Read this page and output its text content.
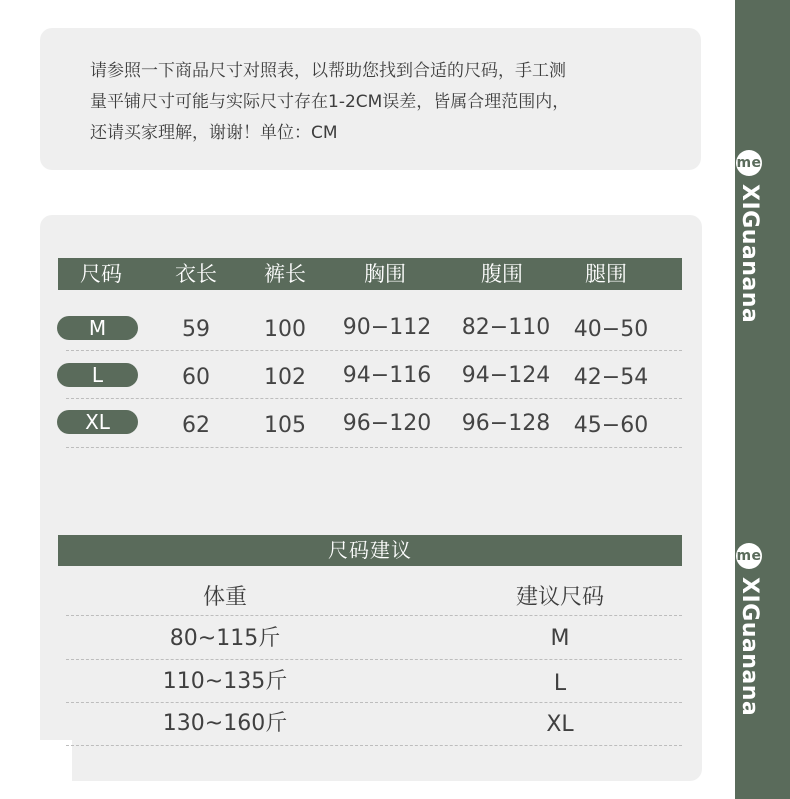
请参照一下商品尺寸对照表，以帮助您找到合适的尺码，手工测
量平铺尺寸可能与实际尺寸存在1-2CM误差，皆属合理范围内，
还请买家理解，谢谢！单位：CM
尺码	衣长	裤长	胸围	腹围	腿围
M	59	100	90−112 82−110 40−50
L	60	102	94−116 94−124 42−54
XL	62	105	96−120 96−128 45−60
尺码建议
体重	建议尺码
80~115斤	M
110~135斤	L
130~160斤	XL
meXIGuanana
meXIGuanana
